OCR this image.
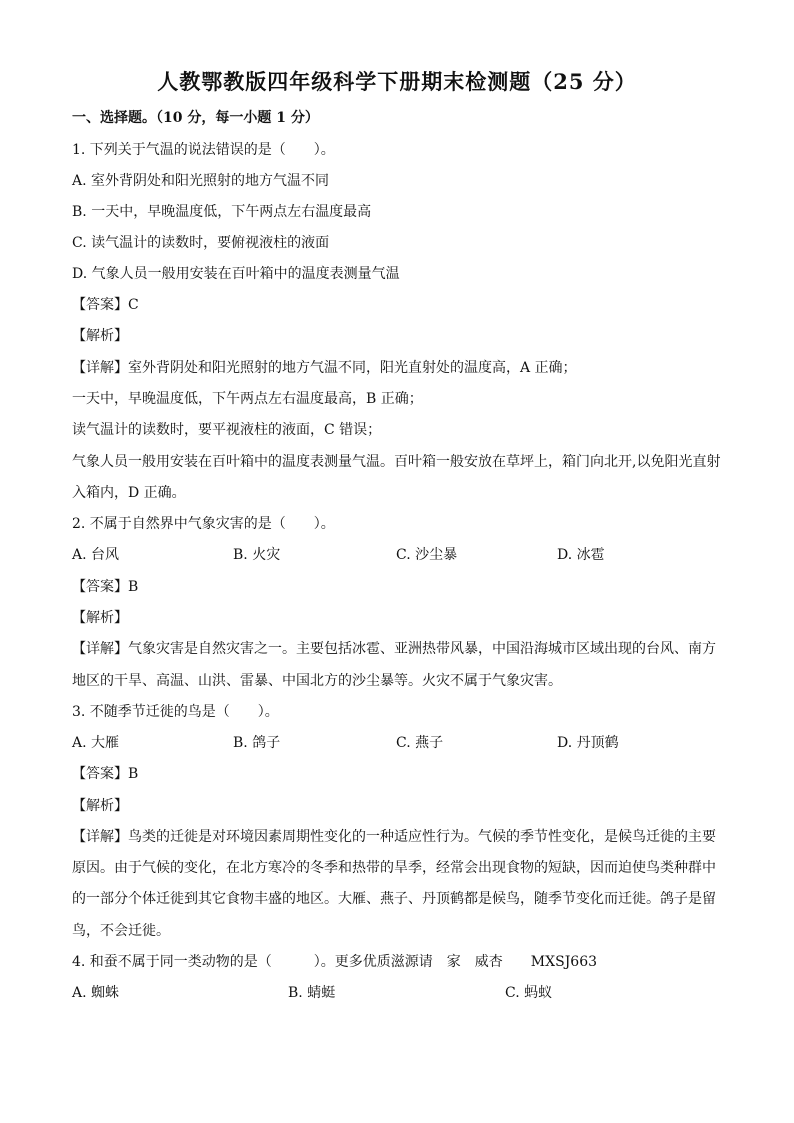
人教鄂教版四年级科学下册期末检测题（25 分）
一、选择题。（10 分，每一小题 1 分）
1. 下列关于气温的说法错误的是（　　）。
A. 室外背阴处和阳光照射的地方气温不同
B. 一天中，早晚温度低，下午两点左右温度最高
C. 读气温计的读数时，要俯视液柱的液面
D. 气象人员一般用安装在百叶箱中的温度表测量气温
【答案】C
【解析】
【详解】室外背阴处和阳光照射的地方气温不同，阳光直射处的温度高，A 正确；
一天中，早晚温度低，下午两点左右温度最高，B 正确；
读气温计的读数时，要平视液柱的液面，C 错误；
气象人员一般用安装在百叶箱中的温度表测量气温。百叶箱一般安放在草坪上，箱门向北开,以免阳光直射
入箱内，D 正确。
2. 不属于自然界中气象灾害的是（　　）。
A. 台风	B. 火灾	C. 沙尘暴	D. 冰雹
【答案】B
【解析】
【详解】气象灾害是自然灾害之一。主要包括冰雹、亚洲热带风暴，中国沿海城市区域出现的台风、南方
地区的干旱、高温、山洪、雷暴、中国北方的沙尘暴等。火灾不属于气象灾害。
3. 不随季节迁徙的鸟是（　　）。
A. 大雁	B. 鸽子	C. 燕子	D. 丹顶鹤
【答案】B
【解析】
【详解】鸟类的迁徙是对环境因素周期性变化的一种适应性行为。气候的季节性变化，是候鸟迁徙的主要
原因。由于气候的变化，在北方寒冷的冬季和热带的旱季，经常会出现食物的短缺，因而迫使鸟类种群中
的一部分个体迁徙到其它食物丰盛的地区。大雁、燕子、丹顶鹤都是候鸟，随季节变化而迁徙。鸽子是留
鸟，不会迁徙。
4. 和蚕不属于同一类动物的是（　　　）。更多优质滋源请　家　威杏　　MXSJ663
A. 蜘蛛	B. 蜻蜓	C. 蚂蚁
